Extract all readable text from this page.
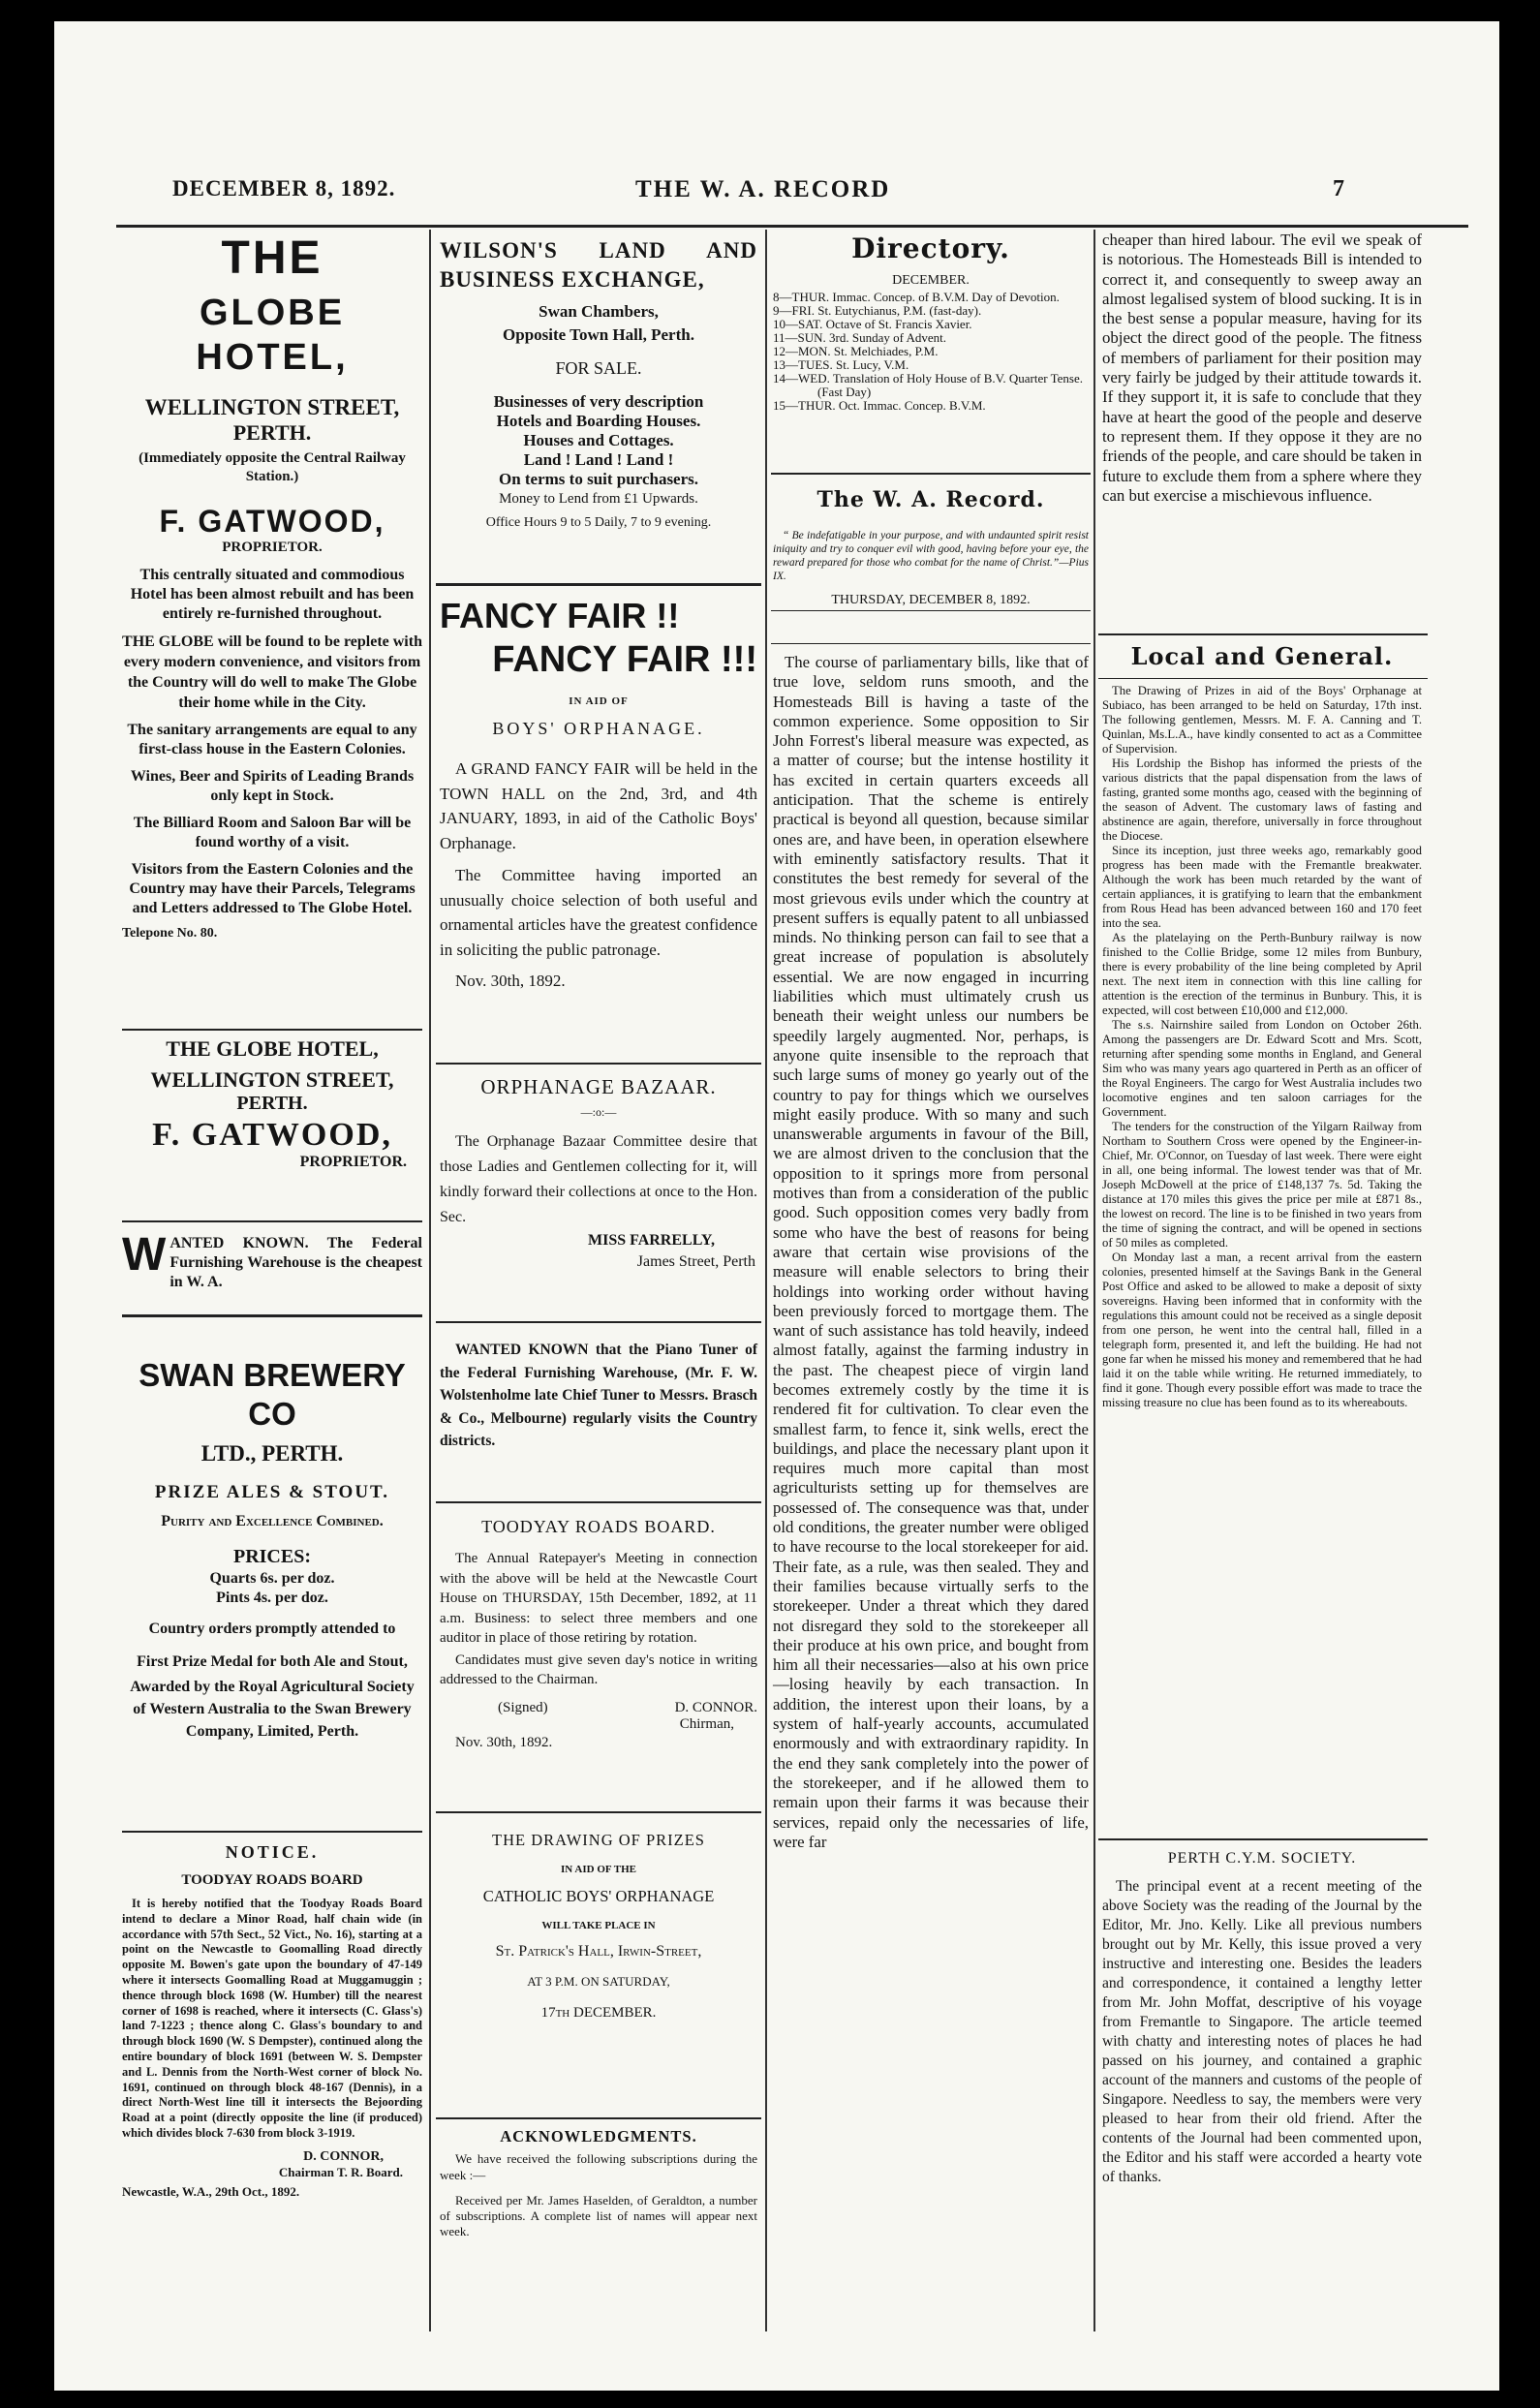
DECEMBER 8, 1892.	THE W. A. RECORD	7
THE
GLOBE HOTEL,
WELLINGTON STREET,
PERTH.
(Immediately opposite the Central Railway Station.)
F. GATWOOD,
PROPRIETOR.

This centrally situated and commodious Hotel has been almost rebuilt and has been entirely re-furnished throughout.

THE GLOBE will be found to be replete with every modern convenience, and visitors from the Country will do well to make The Globe their home while in the City.

The sanitary arrangements are equal to any first-class house in the Eastern Colonies.

Wines, Beer and Spirits of Leading Brands only kept in Stock.

The Billiard Room and Saloon Bar will be found worthy of a visit.

Visitors from the Eastern Colonies and the Country may have their Parcels, Telegrams and Letters addressed to The Globe Hotel.

Telepone No. 80.
THE GLOBE HOTEL,
WELLINGTON STREET,
PERTH.
F. GATWOOD,
PROPRIETOR.
W ANTED KNOWN. The Federal Furnishing Warehouse is the cheapest in W. A.

SWAN BREWERY CO
LTD., PERTH.
PRIZE ALES & STOUT.
Purity and Excellence Combined.
PRICES:
Quarts 6s. per doz.
Pints 4s. per doz.
Country orders promptly attended to
First Prize Medal for both Ale and Stout,
Awarded by the Royal Agricultural Society of Western Australia to the Swan Brewery Company, Limited, Perth.
NOTICE.
TOODYAY ROADS BOARD

It is hereby notified that the Toodyay Roads Board intend to declare a Minor Road, half chain wide (in accordance with 57th Sect., 52 Vict., No. 16), starting at a point on the Newcastle to Goomalling Road directly opposite M. Bowen's gate upon the boundary of 47-149 where it intersects Goomalling Road at Muggamuggin ; thence through block 1698 (W. Humber) till the nearest corner of 1698 is reached, where it intersects (C. Glass's) land 7-1223 ; thence along C. Glass's boundary to and through block 1690 (W. S Dempster), continued along the entire boundary of block 1691 (between W. S. Dempster and L. Dennis from the North-West corner of block No. 1691, continued on through block 48-167 (Dennis), in a direct North-West line till it intersects the Bejoording Road at a point (directly opposite the line (if produced) which divides block 7-630 from block 3-1919.

D. CONNOR,
Chairman T. R. Board.
Newcastle, W.A., 29th Oct., 1892.
WILSON'S LAND AND BUSINESS EXCHANGE,
Swan Chambers,
Opposite Town Hall, Perth.
FOR SALE.
Businesses of very description
Hotels and Boarding Houses.
Houses and Cottages.
Land ! Land ! Land !
On terms to suit purchasers.
Money to Lend from £1 Upwards.
Office Hours 9 to 5 Daily, 7 to 9 evening.
FANCY FAIR !!
FANCY FAIR !!!
IN AID OF
BOYS' ORPHANAGE.

A GRAND FANCY FAIR will be held in the TOWN HALL on the 2nd, 3rd, and 4th JANUARY, 1893, in aid of the Catholic Boys' Orphanage.

The Committee having imported an unusually choice selection of both useful and ornamental articles have the greatest confidence in soliciting the public patronage.

Nov. 30th, 1892.
ORPHANAGE BAZAAR.
—:o:—

The Orphanage Bazaar Committee desire that those Ladies and Gentlemen collecting for it, will kindly forward their collections at once to the Hon. Sec.

MISS FARRELLY,
James Street, Perth

WANTED KNOWN that the Piano Tuner of the Federal Furnishing Warehouse, (Mr. F. W. Wolstenholme late Chief Tuner to Messrs. Brasch & Co., Melbourne) regularly visits the Country districts.

TOODYAY ROADS BOARD.

The Annual Ratepayer's Meeting in connection with the above will be held at the Newcastle Court House on THURSDAY, 15th December, 1892, at 11 a.m. Business: to select three members and one auditor in place of those retiring by rotation.

Candidates must give seven day's notice in writing addressed to the Chairman.

(Signed)	D. CONNOR.
Chirman,
Nov. 30th, 1892.
THE DRAWING OF PRIZES
IN AID OF THE
CATHOLIC BOYS' ORPHANAGE
WILL TAKE PLACE IN
St. Patrick's Hall, Irwin-Street,
AT 3 P.M. ON SATURDAY,
17th DECEMBER.
ACKNOWLEDGMENTS.

We have received the following subscriptions during the week :—

Received per Mr. James Haselden, of Geraldton, a number of subscriptions. A complete list of names will appear next week.

Directory.
DECEMBER.
8—THUR. Immac. Concep. of B.V.M. Day of Devotion.
9—FRI. St. Eutychianus, P.M. (fast-day).
10—SAT. Octave of St. Francis Xavier.
11—SUN. 3rd. Sunday of Advent.
12—MON. St. Melchiades, P.M.
13—TUES. St. Lucy, V.M.
14—WED. Translation of Holy House of B.V. Quarter Tense. (Fast Day)
15—THUR. Oct. Immac. Concep. B.V.M.
The W. A. Record.

“ Be indefatigable in your purpose, and with undaunted spirit resist iniquity and try to conquer evil with good, having before your eye, the reward prepared for those who combat for the name of Christ.”—Pius IX.

THURSDAY, DECEMBER 8, 1892.

The course of parliamentary bills, like that of true love, seldom runs smooth, and the Homesteads Bill is having a taste of the common experience. Some opposition to Sir John Forrest's liberal measure was expected, as a matter of course; but the intense hostility it has excited in certain quarters exceeds all anticipation. That the scheme is entirely practical is beyond all question, because similar ones are, and have been, in operation elsewhere with eminently satisfactory results. That it constitutes the best remedy for several of the most grievous evils under which the country at present suffers is equally patent to all unbiassed minds. No thinking person can fail to see that a great increase of population is absolutely essential. We are now engaged in incurring liabilities which must ultimately crush us beneath their weight unless our numbers be speedily largely augmented. Nor, perhaps, is anyone quite insensible to the reproach that such large sums of money go yearly out of the country to pay for things which we ourselves might easily produce. With so many and such unanswerable arguments in favour of the Bill, we are almost driven to the conclusion that the opposition to it springs more from personal motives than from a consideration of the public good. Such opposition comes very badly from some who have the best of reasons for being aware that certain wise provisions of the measure will enable selectors to bring their holdings into working order without having been previously forced to mortgage them. The want of such assistance has told heavily, indeed almost fatally, against the farming industry in the past. The cheapest piece of virgin land becomes extremely costly by the time it is rendered fit for cultivation. To clear even the smallest farm, to fence it, sink wells, erect the buildings, and place the necessary plant upon it requires much more capital than most agriculturists setting up for themselves are possessed of. The consequence was that, under old conditions, the greater number were obliged to have recourse to the local storekeeper for aid. Their fate, as a rule, was then sealed. They and their families because virtually serfs to the storekeeper. Under a threat which they dared not disregard they sold to the storekeeper all their produce at his own price, and bought from him all their necessaries—also at his own price—losing heavily by each transaction. In addition, the interest upon their loans, by a system of half-yearly accounts, accumulated enormously and with extraordinary rapidity. In the end they sank completely into the power of the storekeeper, and if he allowed them to remain upon their farms it was because their services, repaid only the necessaries of life, were far

cheaper than hired labour. The evil we speak of is notorious. The Homesteads Bill is intended to correct it, and consequently to sweep away an almost legalised system of blood sucking. It is in the best sense a popular measure, having for its object the direct good of the people. The fitness of members of parliament for their position may very fairly be judged by their attitude towards it. If they support it, it is safe to conclude that they have at heart the good of the people and deserve to represent them. If they oppose it they are no friends of the people, and care should be taken in future to exclude them from a sphere where they can but exercise a mischievous influence.

Local and General.

The Drawing of Prizes in aid of the Boys' Orphanage at Subiaco, has been arranged to be held on Saturday, 17th inst. The following gentlemen, Messrs. M. F. A. Canning and T. Quinlan, Ms.L.A., have kindly consented to act as a Committee of Supervision.

His Lordship the Bishop has informed the priests of the various districts that the papal dispensation from the laws of fasting, granted some months ago, ceased with the beginning of the season of Advent. The customary laws of fasting and abstinence are again, therefore, universally in force throughout the Diocese.

Since its inception, just three weeks ago, remarkably good progress has been made with the Fremantle breakwater. Although the work has been much retarded by the want of certain appliances, it is gratifying to learn that the embankment from Rous Head has been advanced between 160 and 170 feet into the sea.

As the platelaying on the Perth-Bunbury railway is now finished to the Collie Bridge, some 12 miles from Bunbury, there is every probability of the line being completed by April next. The next item in connection with this line calling for attention is the erection of the terminus in Bunbury. This, it is expected, will cost between £10,000 and £12,000.

The s.s. Nairnshire sailed from London on October 26th. Among the passengers are Dr. Edward Scott and Mrs. Scott, returning after spending some months in England, and General Sim who was many years ago quartered in Perth as an officer of the Royal Engineers. The cargo for West Australia includes two locomotive engines and ten saloon carriages for the Government.

The tenders for the construction of the Yilgarn Railway from Northam to Southern Cross were opened by the Engineer-in-Chief, Mr. O'Connor, on Tuesday of last week. There were eight in all, one being informal. The lowest tender was that of Mr. Joseph McDowell at the price of £148,137 7s. 5d. Taking the distance at 170 miles this gives the price per mile at £871 8s., the lowest on record. The line is to be finished in two years from the time of signing the contract, and will be opened in sections of 50 miles as completed.

On Monday last a man, a recent arrival from the eastern colonies, presented himself at the Savings Bank in the General Post Office and asked to be allowed to make a deposit of sixty sovereigns. Having been informed that in conformity with the regulations this amount could not be received as a single deposit from one person, he went into the central hall, filled in a telegraph form, presented it, and left the building. He had not gone far when he missed his money and remembered that he had laid it on the table while writing. He returned immediately, to find it gone. Though every possible effort was made to trace the missing treasure no clue has been found as to its whereabouts.

PERTH C.Y.M. SOCIETY.

The principal event at a recent meeting of the above Society was the reading of the Journal by the Editor, Mr. Jno. Kelly. Like all previous numbers brought out by Mr. Kelly, this issue proved a very instructive and interesting one. Besides the leaders and correspondence, it contained a lengthy letter from Mr. John Moffat, descriptive of his voyage from Fremantle to Singapore. The article teemed with chatty and interesting notes of places he had passed on his journey, and contained a graphic account of the manners and customs of the people of Singapore. Needless to say, the members were very pleased to hear from their old friend. After the contents of the Journal had been commented upon, the Editor and his staff were accorded a hearty vote of thanks.
